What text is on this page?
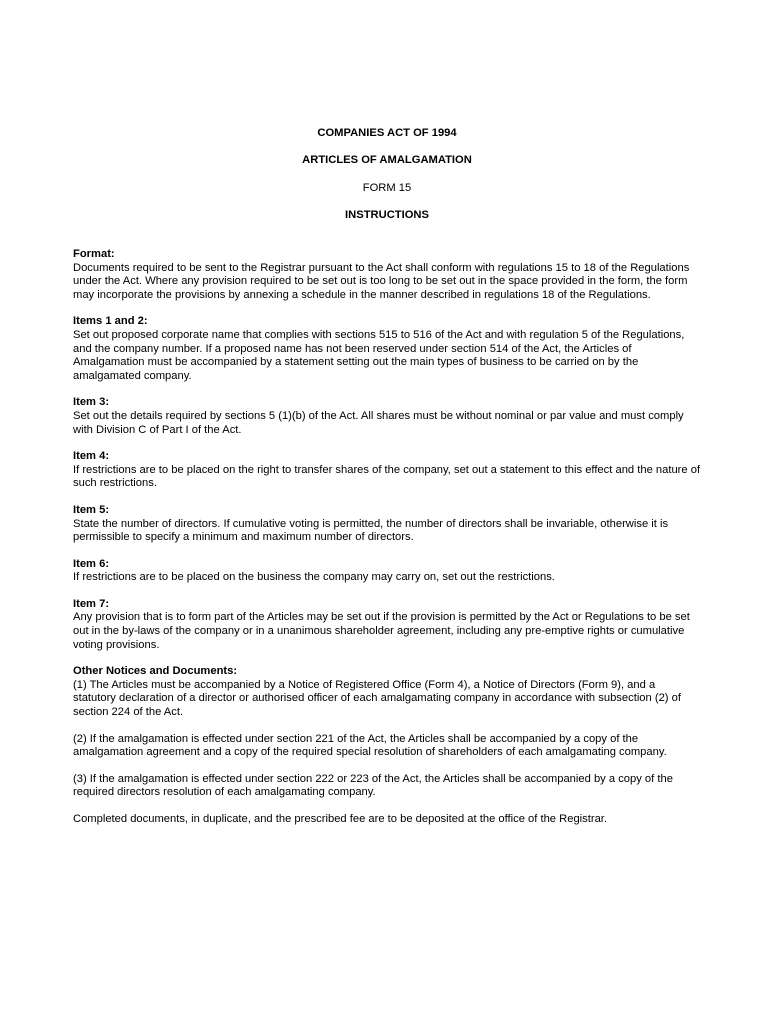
COMPANIES ACT OF 1994

ARTICLES OF AMALGAMATION

FORM 15

INSTRUCTIONS

Format:
Documents required to be sent to the Registrar pursuant to the Act shall conform with regulations 15 to 18 of the Regulations under the Act. Where any provision required to be set out is too long to be set out in the space provided in the form, the form may incorporate the provisions by annexing a schedule in the manner described in regulations 18 of the Regulations.
Items 1 and 2:
Set out proposed corporate name that complies with sections 515 to 516 of the Act and with regulation 5 of the Regulations, and the company number. If a proposed name has not been reserved under section 514 of the Act, the Articles of Amalgamation must be accompanied by a statement setting out the main types of business to be carried on by the amalgamated company.
Item 3:
Set out the details required by sections 5 (1)(b) of the Act. All shares must be without nominal or par value and must comply with Division C of Part I of the Act.
Item 4:
If restrictions are to be placed on the right to transfer shares of the company, set out a statement to this effect and the nature of such restrictions.
Item 5:
State the number of directors. If cumulative voting is permitted, the number of directors shall be invariable, otherwise it is permissible to specify a minimum and maximum number of directors.
Item 6:
If restrictions are to be placed on the business the company may carry on, set out the restrictions.
Item 7:
Any provision that is to form part of the Articles may be set out if the provision is permitted by the Act or Regulations to be set out in the by-laws of the company or in a unanimous shareholder agreement, including any pre-emptive rights or cumulative voting provisions.
Other Notices and Documents:
(1) The Articles must be accompanied by a Notice of Registered Office (Form 4), a Notice of Directors (Form 9), and a statutory declaration of a director or authorised officer of each amalgamating company in accordance with subsection (2) of section 224 of the Act.

(2) If the amalgamation is effected under section 221 of the Act, the Articles shall be accompanied by a copy of the amalgamation agreement and a copy of the required special resolution of shareholders of each amalgamating company.

(3) If the amalgamation is effected under section 222 or 223 of the Act, the Articles shall be accompanied by a copy of the required directors resolution of each amalgamating company.

Completed documents, in duplicate, and the prescribed fee are to be deposited at the office of the Registrar.
